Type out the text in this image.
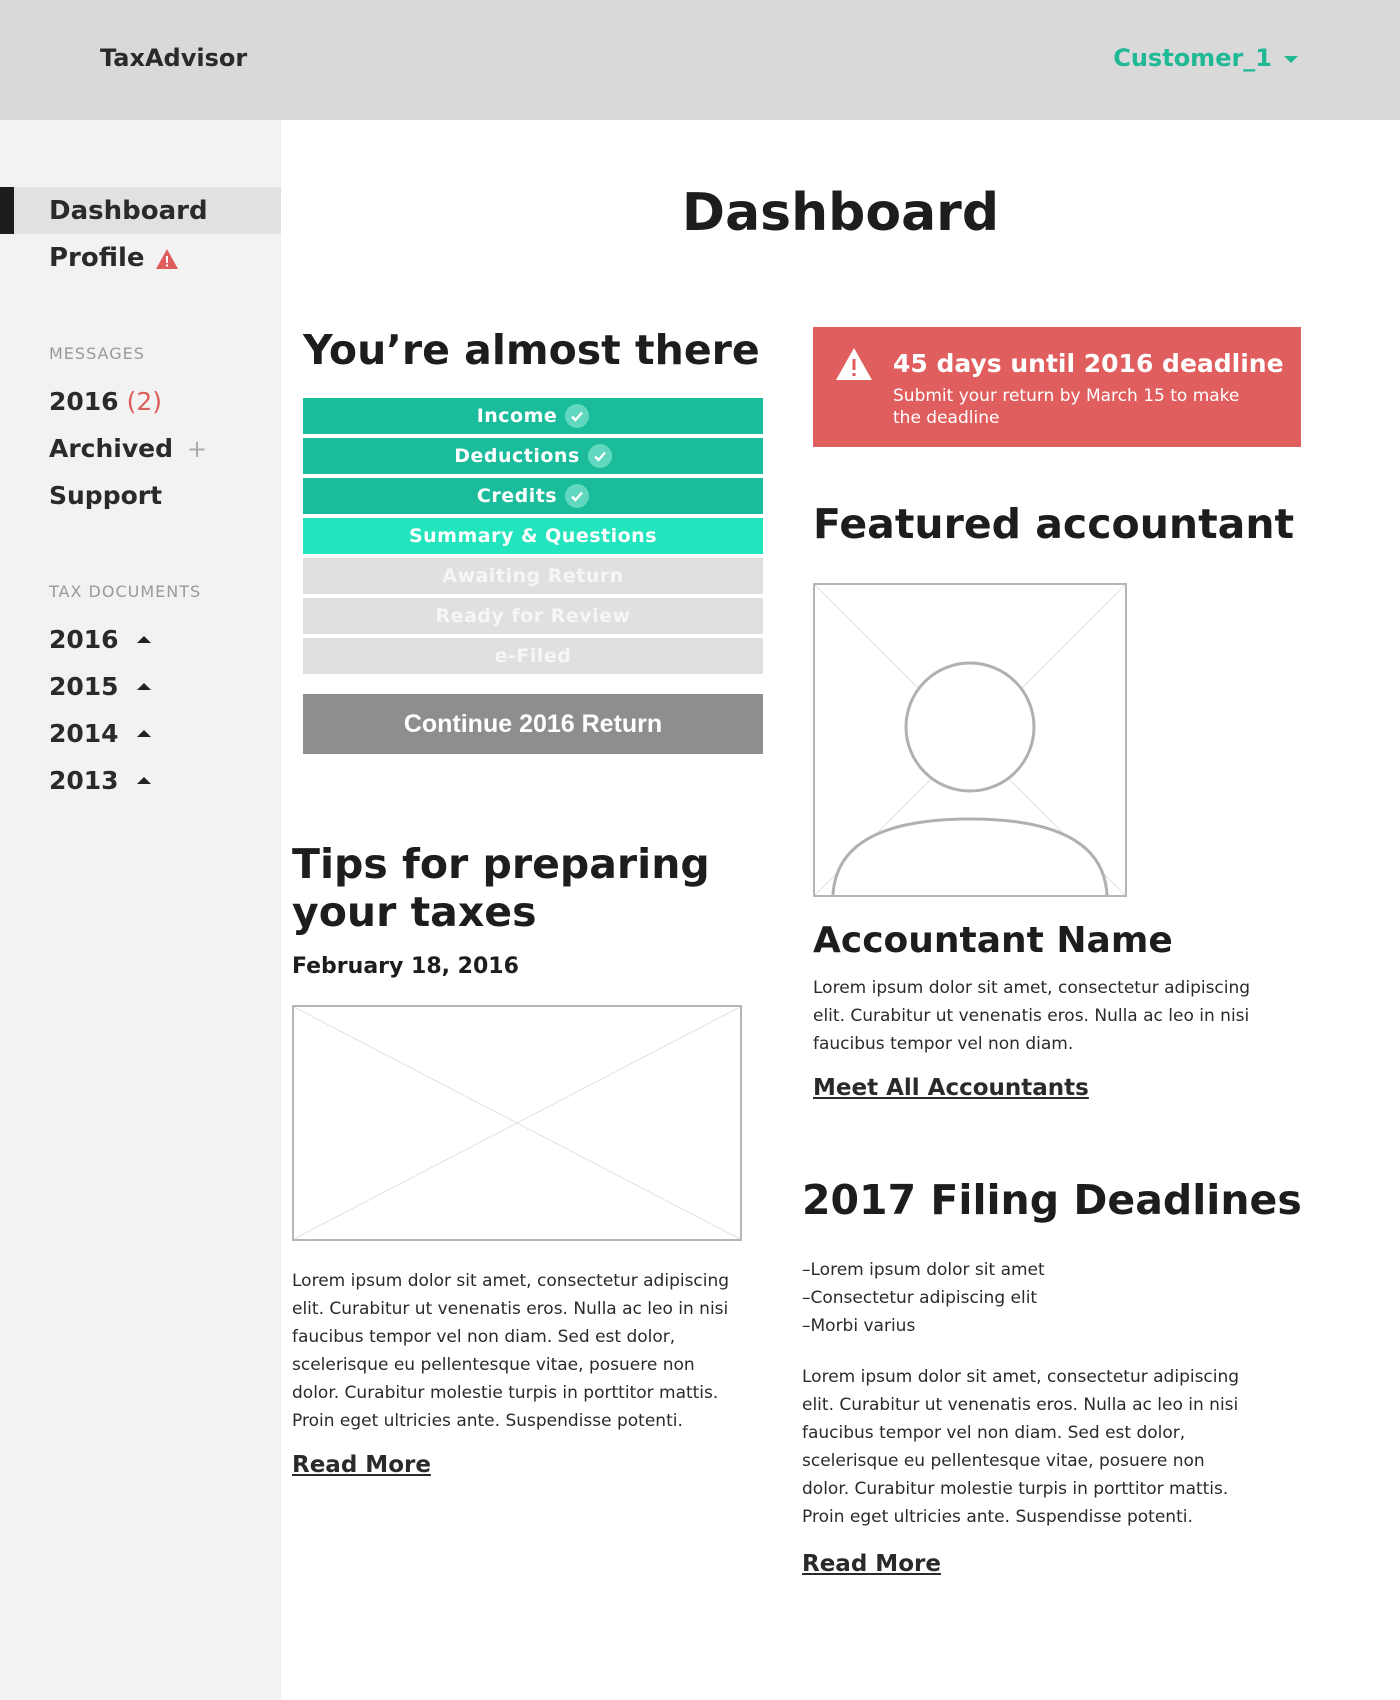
TaxAdvisor	Customer_1
Dashboard
Profile
MESSAGES
2016 (2)
Archived +
Support
TAX DOCUMENTS
2016
2015
2014
2013
Dashboard
You’re almost there
Income
Deductions
Credits
Summary & Questions
Awaiting Return
Ready for Review
e-Filed
Continue 2016 Return
45 days until 2016 deadline
Submit your return by March 15 to make the deadline
Featured accountant
Accountant Name
Lorem ipsum dolor sit amet, consectetur adipiscing elit. Curabitur ut venenatis eros. Nulla ac leo in nisi faucibus tempor vel non diam.
Meet All Accountants
Tips for preparing your taxes
February 18, 2016
Lorem ipsum dolor sit amet, consectetur adipiscing elit. Curabitur ut venenatis eros. Nulla ac leo in nisi faucibus tempor vel non diam. Sed est dolor, scelerisque eu pellentesque vitae, posuere non dolor. Curabitur molestie turpis in porttitor mattis. Proin eget ultricies ante. Suspendisse potenti.
Read More
2017 Filing Deadlines
–Lorem ipsum dolor sit amet
–Consectetur adipiscing elit
–Morbi varius
Lorem ipsum dolor sit amet, consectetur adipiscing elit. Curabitur ut venenatis eros. Nulla ac leo in nisi faucibus tempor vel non diam. Sed est dolor, scelerisque eu pellentesque vitae, posuere non dolor. Curabitur molestie turpis in porttitor mattis. Proin eget ultricies ante. Suspendisse potenti.
Read More
